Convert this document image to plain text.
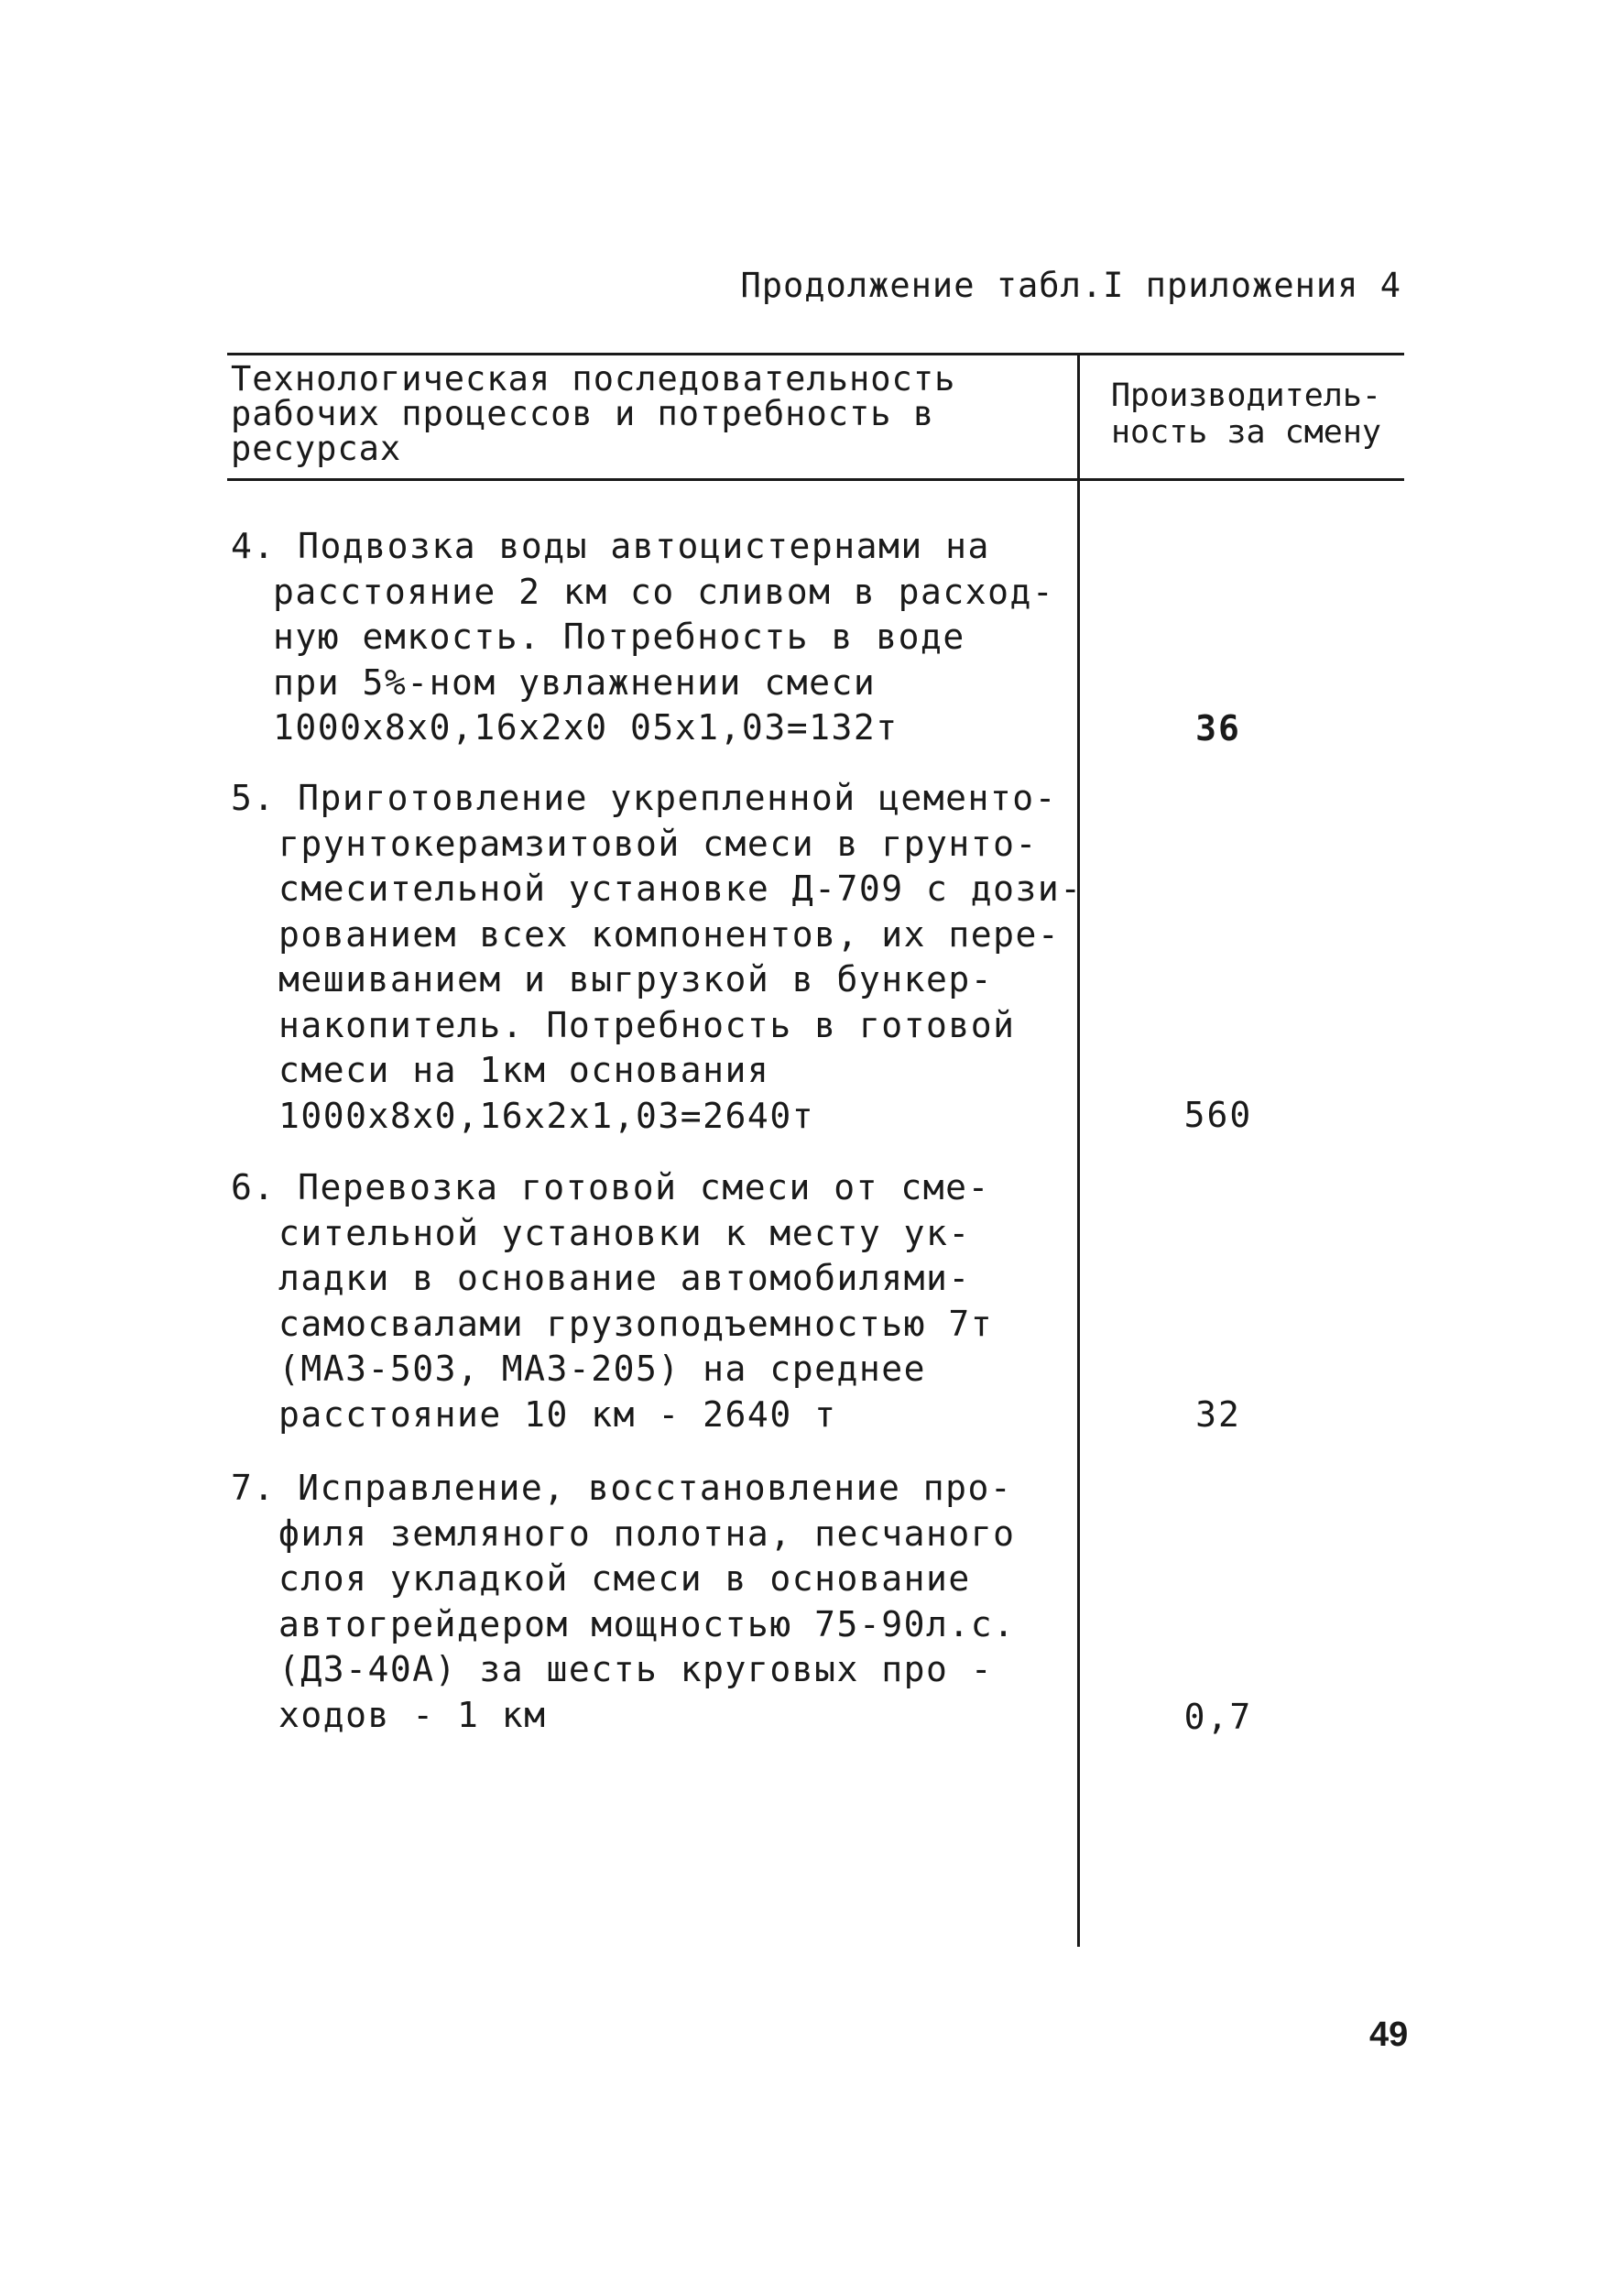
Продолжение табл.I приложения 4
Технологическая последовательность
рабочих процессов и потребность в
ресурсах
Производитель-
ность за смену
4. Подвозка воды автоцистернами на
расстояние 2 км со сливом в расход-
ную емкость. Потребность в воде
при 5%-ном увлажнении смеси
1000х8х0,16х2х0 05х1,03=132т	36
5. Приготовление укрепленной цементо-
грунтокерамзитовой смеси в грунто-
смесительной установке Д-709 с дози-
рованием всех компонентов, их пере-
мешиванием и выгрузкой в бункер-
накопитель. Потребность в готовой
смеси на 1км основания
1000х8х0,16х2х1,03=2640т	560
6. Перевозка готовой смеси от сме-
сительной установки к месту ук-
ладки в основание автомобилями-
самосвалами грузоподъемностью 7т
(МАЗ-503, МАЗ-205) на среднее
расстояние 10 км - 2640 т	32
7. Исправление, восстановление про-
филя земляного полотна, песчаного
слоя укладкой смеси в основание
автогрейдером мощностью 75-90л.с.
(ДЗ-40А) за шесть круговых про -
ходов - 1 км	0,7
49
